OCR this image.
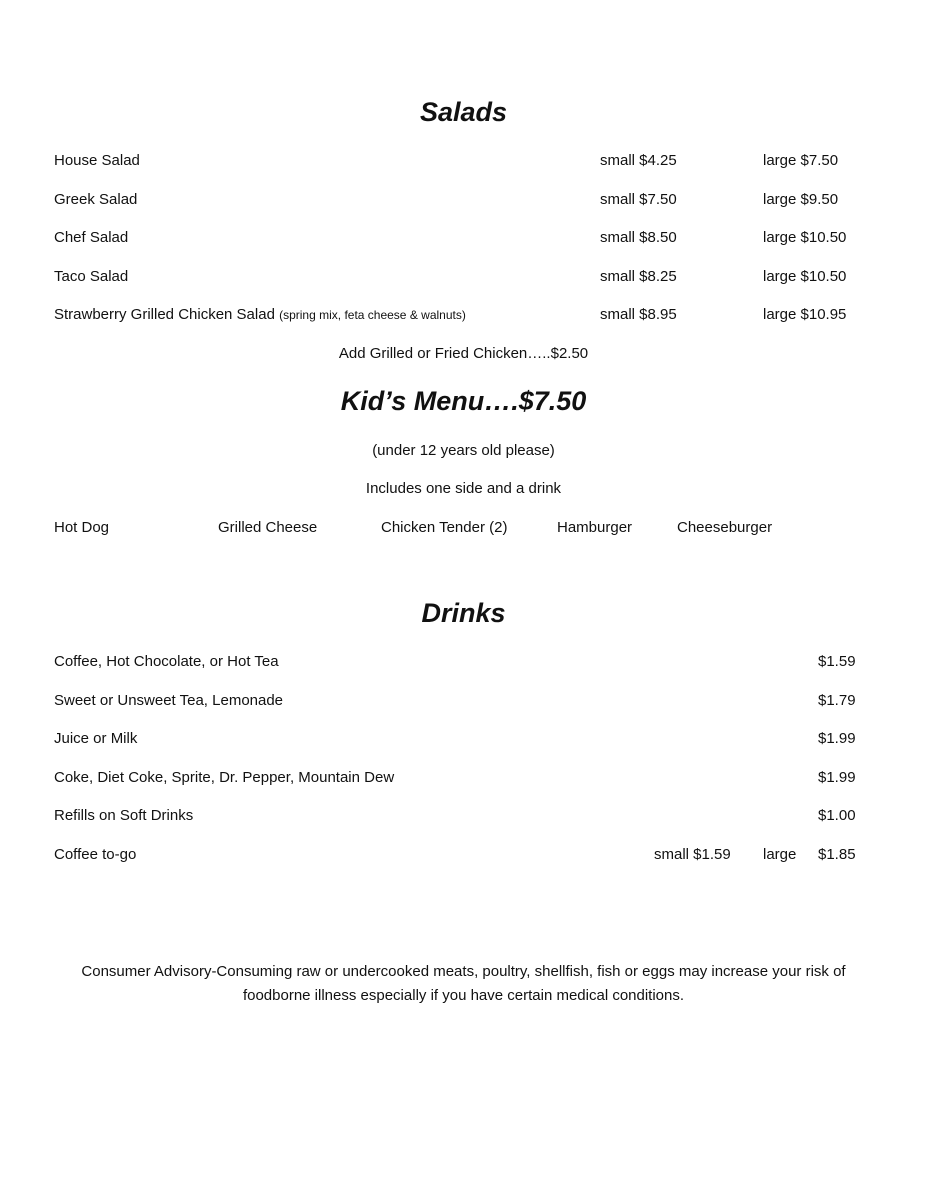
Salads
House Salad	small $4.25	large $7.50
Greek Salad	small $7.50	large $9.50
Chef Salad	small $8.50	large $10.50
Taco Salad	small $8.25	large $10.50
Strawberry Grilled Chicken Salad (spring mix, feta cheese & walnuts)	small $8.95	large $10.95
Add Grilled or Fried Chicken…..$2.50
Kid’s Menu….$7.50
(under 12 years old please)
Includes one side and a drink
Hot Dog	Grilled Cheese	Chicken Tender (2)	Hamburger	Cheeseburger
Drinks
Coffee, Hot Chocolate, or Hot Tea	$1.59
Sweet or Unsweet Tea, Lemonade	$1.79
Juice or Milk	$1.99
Coke, Diet Coke, Sprite, Dr. Pepper, Mountain Dew	$1.99
Refills on Soft Drinks	$1.00
Coffee to-go	small $1.59 large $1.85
Consumer Advisory-Consuming raw or undercooked meats, poultry, shellfish, fish or eggs may increase your risk of
foodborne illness especially if you have certain medical conditions.
